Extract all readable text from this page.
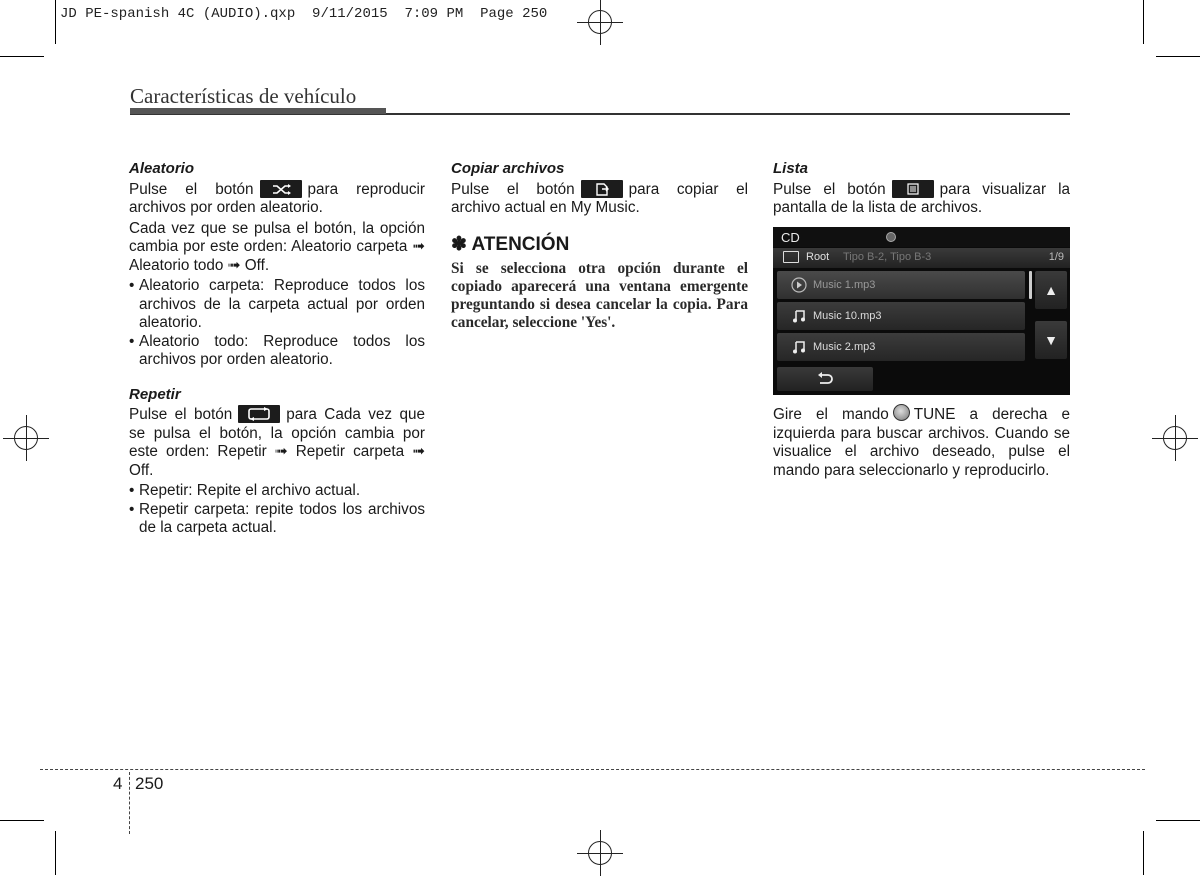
JD PE-spanish 4C (AUDIO).qxp  9/11/2015  7:09 PM  Page 250
Características de vehículo
Aleatorio

Pulse el botón	para reproducir archivos por orden aleatorio.

Cada vez que se pulsa el botón, la opción cambia por este orden: Aleatorio carpeta ➟ Aleatorio todo ➟ Off.

• Aleatorio carpeta: Reproduce todos los archivos de la carpeta actual por orden aleatorio.
• Aleatorio todo: Reproduce todos los archivos por orden aleatorio.
Repetir

Pulse el botón	para Cada vez que se pulsa el botón, la opción cambia por este orden: Repetir ➟ Repetir carpeta ➟ Off.

• Repetir: Repite el archivo actual.
• Repetir carpeta: repite todos los archivos de la carpeta actual.
Copiar archivos

Pulse el botón	para copiar el archivo actual en My Music.

✽ ATENCIÓN
Si se selecciona otra opción durante el copiado aparecerá una ventana emergente preguntando si desea cancelar la copia. Para cancelar, seleccione 'Yes'.
Lista

Pulse el botón	para visualizar la pantalla de la lista de archivos.

CD
Root Tipo B-2, Tipo B-3	1/9
Music 1.mp3
Music 10.mp3
Music 2.mp3
▲
▼

Gire el mando TUNE a derecha e izquierda para buscar archivos. Cuando se visualice el archivo deseado, pulse el mando para seleccionarlo y reproducirlo.

4 250
